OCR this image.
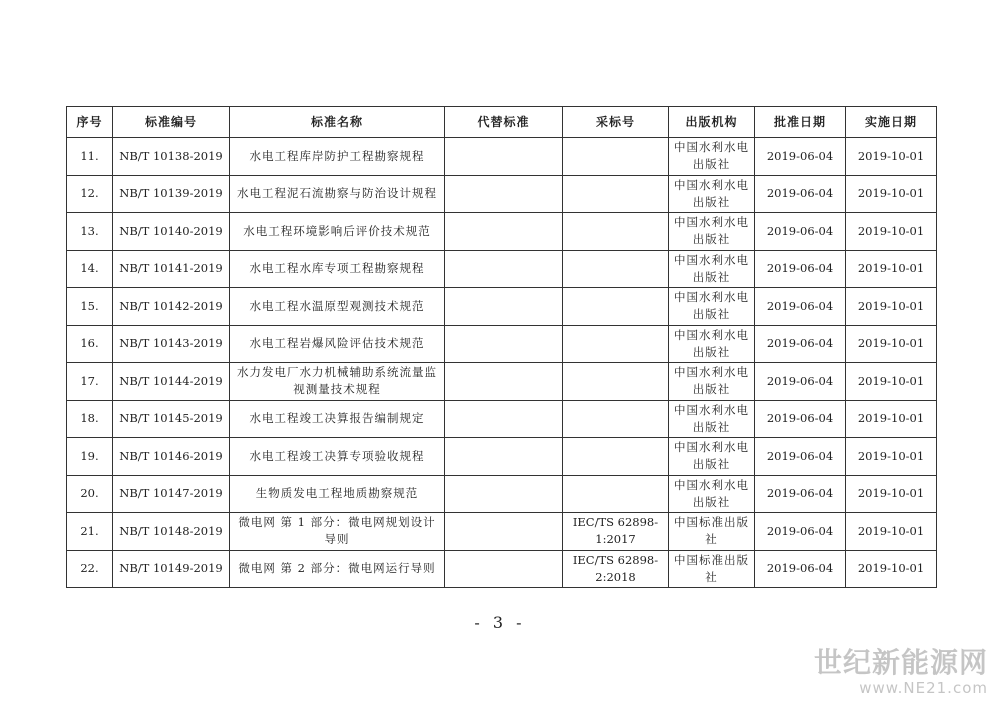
序号	标准编号	标准名称	代替标准	采标号	出版机构	批准日期	实施日期
11.	NB/T 10138-2019	水电工程库岸防护工程勘察规程			中国水利水电出版社	2019-06-04	2019-10-01
12.	NB/T 10139-2019	水电工程泥石流勘察与防治设计规程			中国水利水电出版社	2019-06-04	2019-10-01
13.	NB/T 10140-2019	水电工程环境影响后评价技术规范			中国水利水电出版社	2019-06-04	2019-10-01
14.	NB/T 10141-2019	水电工程水库专项工程勘察规程			中国水利水电出版社	2019-06-04	2019-10-01
15.	NB/T 10142-2019	水电工程水温原型观测技术规范			中国水利水电出版社	2019-06-04	2019-10-01
16.	NB/T 10143-2019	水电工程岩爆风险评估技术规范			中国水利水电出版社	2019-06-04	2019-10-01
17.	NB/T 10144-2019	水力发电厂水力机械辅助系统流量监视测量技术规程			中国水利水电出版社	2019-06-04	2019-10-01
18.	NB/T 10145-2019	水电工程竣工决算报告编制规定			中国水利水电出版社	2019-06-04	2019-10-01
19.	NB/T 10146-2019	水电工程竣工决算专项验收规程			中国水利水电出版社	2019-06-04	2019-10-01
20.	NB/T 10147-2019	生物质发电工程地质勘察规范			中国水利水电出版社	2019-06-04	2019-10-01
21.	NB/T 10148-2019	微电网 第 1 部分：微电网规划设计导则		IEC/TS 62898-1:2017	中国标准出版社	2019-06-04	2019-10-01
22.	NB/T 10149-2019	微电网 第 2 部分：微电网运行导则		IEC/TS 62898-2:2018	中国标准出版社	2019-06-04	2019-10-01
- 3 -
世纪新能源网
www.NE21.com
